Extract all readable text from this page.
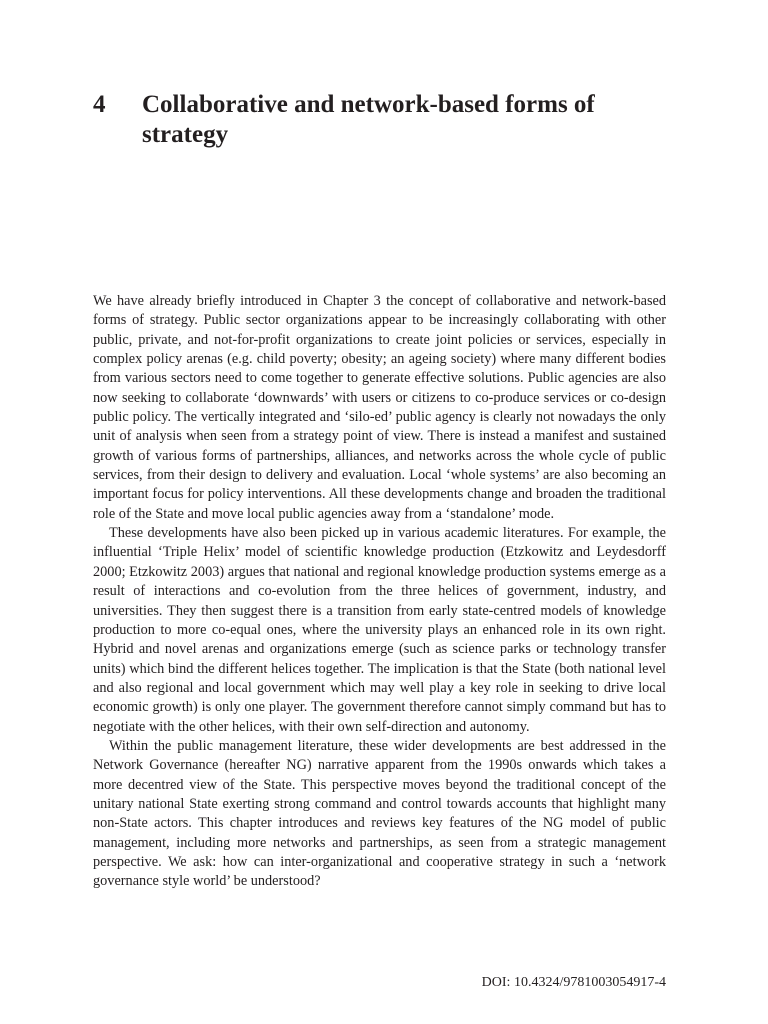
4	Collaborative and network-based forms of strategy

We have already briefly introduced in Chapter 3 the concept of collaborative and network-based forms of strategy. Public sector organizations appear to be increasingly collaborating with other public, private, and not-for-profit organizations to create joint policies or services, especially in complex policy arenas (e.g. child poverty; obesity; an ageing society) where many different bodies from various sectors need to come together to generate effective solutions. Public agencies are also now seeking to collaborate ‘downwards’ with users or citizens to co-produce services or co-design public policy. The vertically integrated and ‘silo-ed’ public agency is clearly not nowadays the only unit of analysis when seen from a strategy point of view. There is instead a manifest and sustained growth of various forms of partnerships, alliances, and networks across the whole cycle of public services, from their design to delivery and evaluation. Local ‘whole systems’ are also becoming an important focus for policy interventions. All these developments change and broaden the traditional role of the State and move local public agencies away from a ‘standalone’ mode.

These developments have also been picked up in various academic literatures. For example, the influential ‘Triple Helix’ model of scientific knowledge production (Etzkowitz and Leydesdorff 2000; Etzkowitz 2003) argues that national and regional knowledge production systems emerge as a result of interactions and co-evolution from the three helices of government, industry, and universities. They then suggest there is a transition from early state-centred models of knowledge production to more co-equal ones, where the university plays an enhanced role in its own right. Hybrid and novel arenas and organizations emerge (such as science parks or technology transfer units) which bind the different helices together. The implication is that the State (both national level and also regional and local government which may well play a key role in seeking to drive local economic growth) is only one player. The government therefore cannot simply command but has to negotiate with the other helices, with their own self-direction and autonomy.

Within the public management literature, these wider developments are best addressed in the Network Governance (hereafter NG) narrative apparent from the 1990s onwards which takes a more decentred view of the State. This perspective moves beyond the traditional concept of the unitary national State exerting strong command and control towards accounts that highlight many non-State actors. This chapter introduces and reviews key features of the NG model of public management, including more networks and partnerships, as seen from a strategic management perspective. We ask: how can inter-organizational and cooperative strategy in such a ‘network governance style world’ be understood?

DOI: 10.4324/9781003054917-4
